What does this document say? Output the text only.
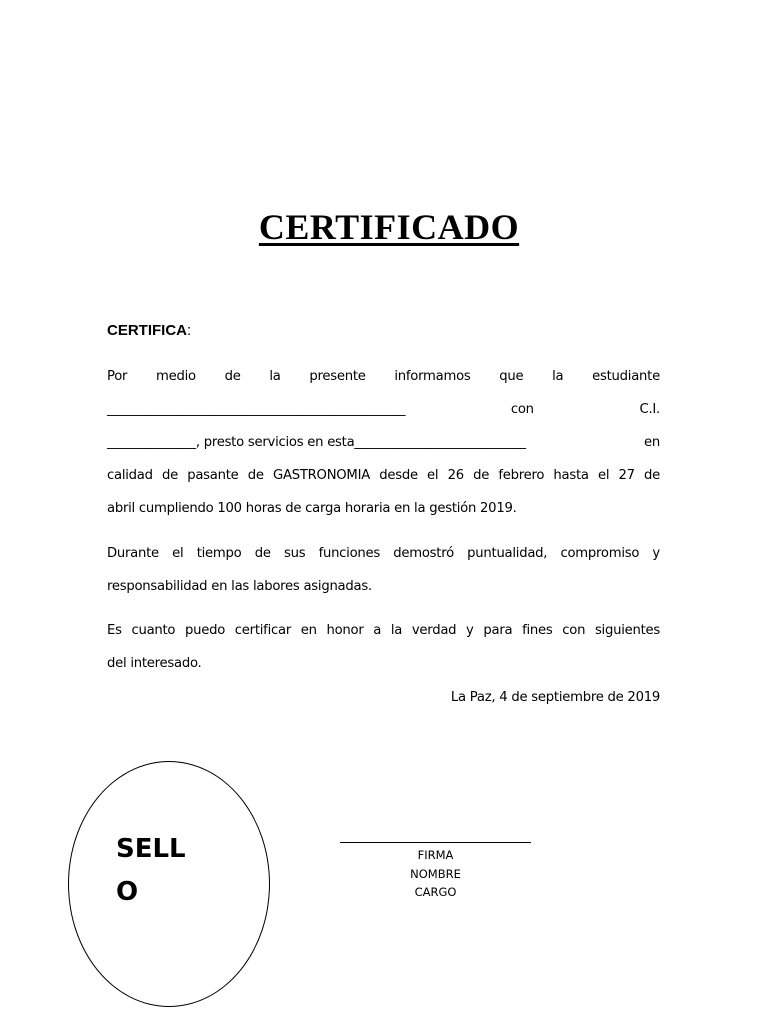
CERTIFICADO
CERTIFICA:
Por medio de la presente informamos que la estudiante
_______________________________________________	con	C.I.
______________, presto servicios en esta___________________________	en
calidad de pasante de GASTRONOMIA desde el 26 de febrero hasta el 27 de
abril cumpliendo 100 horas de carga horaria en la gestión 2019.
Durante el tiempo de sus funciones demostró puntualidad, compromiso y
responsabilidad en las labores asignadas.
Es cuanto puedo certificar en honor a la verdad y para fines con siguientes
del interesado.
La Paz, 4 de septiembre de 2019
SELL
O
FIRMA
NOMBRE
CARGO
